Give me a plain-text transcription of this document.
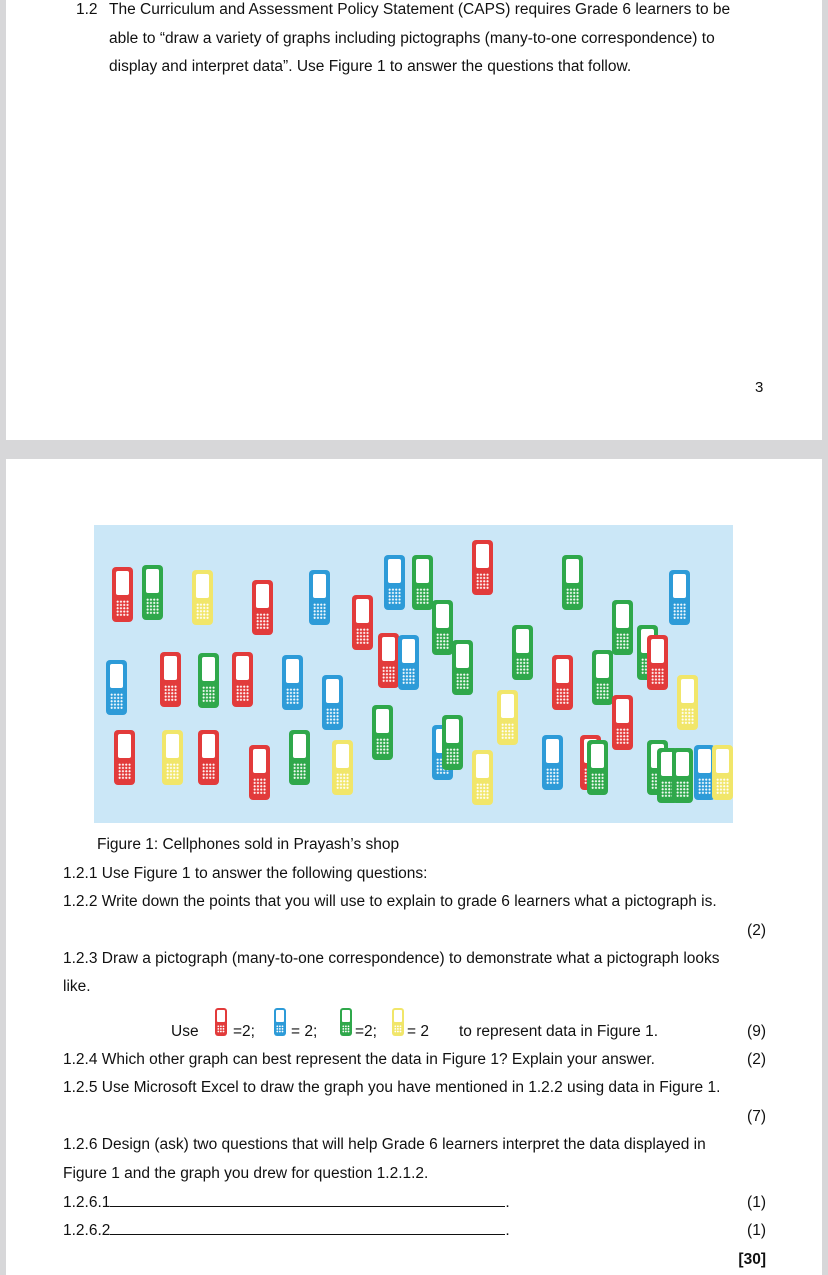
1.2 The Curriculum and Assessment Policy Statement (CAPS) requires Grade 6 learners to be
able to “draw a variety of graphs including pictographs (many-to-one correspondence) to
display and interpret data”. Use Figure 1 to answer the questions that follow.
3
Figure 1: Cellphones sold in Prayash’s shop
1.2.1 Use Figure 1 to answer the following questions:
1.2.2 Write down the points that you will use to explain to grade 6 learners what a pictograph is.
(2)
1.2.3 Draw a pictograph (many-to-one correspondence) to demonstrate what a pictograph looks
like.
Use =2; = 2; =2; = 2 to represent data in Figure 1.	(9)
1.2.4 Which other graph can best represent the data in Figure 1? Explain your answer.	(2)
1.2.5 Use Microsoft Excel to draw the graph you have mentioned in 1.2.2 using data in Figure 1.
(7)
1.2.6 Design (ask) two questions that will help Grade 6 learners interpret the data displayed in
Figure 1 and the graph you drew for question 1.2.1.2.
1.2.6.1	.	(1)
1.2.6.2	.	(1)
[30]
